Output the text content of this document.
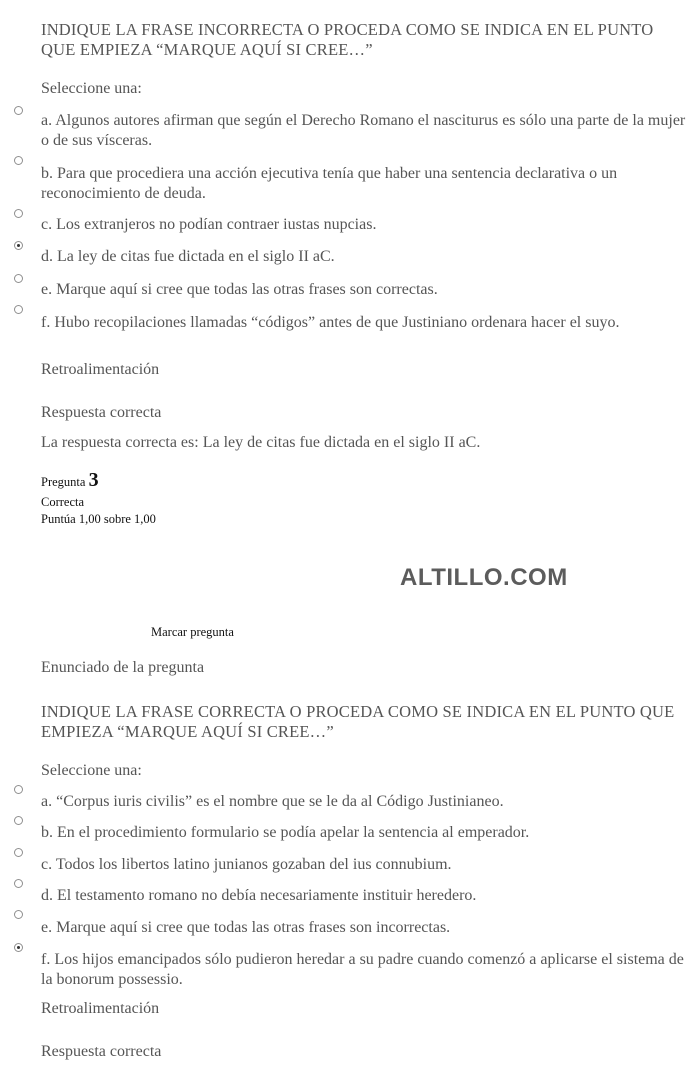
INDIQUE LA FRASE INCORRECTA O PROCEDA COMO SE INDICA EN EL PUNTO QUE EMPIEZA “MARQUE AQUÍ SI CREE…”
Seleccione una:
a. Algunos autores afirman que según el Derecho Romano el nasciturus es sólo una parte de la mujer o de sus vísceras.
b. Para que procediera una acción ejecutiva tenía que haber una sentencia declarativa o un reconocimiento de deuda.
c. Los extranjeros no podían contraer iustas nupcias.
d. La ley de citas fue dictada en el siglo II aC.
e. Marque aquí si cree que todas las otras frases son correctas.
f. Hubo recopilaciones llamadas “códigos” antes de que Justiniano ordenara hacer el suyo.
Retroalimentación
Respuesta correcta
La respuesta correcta es: La ley de citas fue dictada en el siglo II aC.
Pregunta 3
Correcta
Puntúa 1,00 sobre 1,00
ALTILLO.COM
Marcar pregunta
Enunciado de la pregunta
INDIQUE LA FRASE CORRECTA O PROCEDA COMO SE INDICA EN EL PUNTO QUE EMPIEZA “MARQUE AQUÍ SI CREE…”
Seleccione una:
a. “Corpus iuris civilis” es el nombre que se le da al Código Justinianeo.
b. En el procedimiento formulario se podía apelar la sentencia al emperador.
c. Todos los libertos latino junianos gozaban del ius connubium.
d. El testamento romano no debía necesariamente instituir heredero.
e. Marque aquí si cree que todas las otras frases son incorrectas.
f. Los hijos emancipados sólo pudieron heredar a su padre cuando comenzó a aplicarse el sistema de la bonorum possessio.
Retroalimentación
Respuesta correcta
